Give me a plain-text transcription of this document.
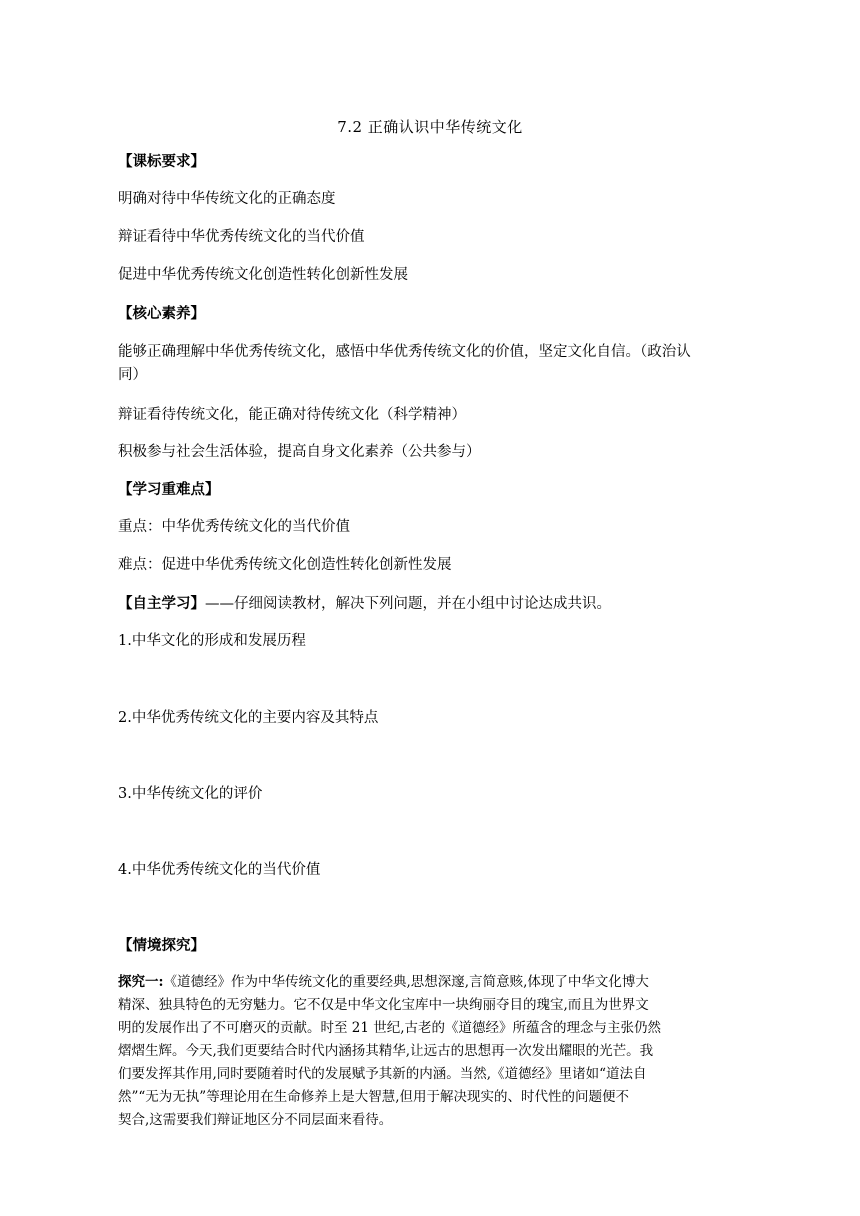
7.2 正确认识中华传统文化
【课标要求】
明确对待中华传统文化的正确态度
辩证看待中华优秀传统文化的当代价值
促进中华优秀传统文化创造性转化创新性发展
【核心素养】
能够正确理解中华优秀传统文化，感悟中华优秀传统文化的价值，坚定文化自信。（政治认
同）
辩证看待传统文化，能正确对待传统文化（科学精神）
积极参与社会生活体验，提高自身文化素养（公共参与）
【学习重难点】
重点：中华优秀传统文化的当代价值
难点：促进中华优秀传统文化创造性转化创新性发展
【自主学习】——仔细阅读教材，解决下列问题，并在小组中讨论达成共识。
1.中华文化的形成和发展历程
2.中华优秀传统文化的主要内容及其特点
3.中华传统文化的评价
4.中华优秀传统文化的当代价值
【情境探究】
探究一:《道德经》作为中华传统文化的重要经典,思想深邃,言简意赅,体现了中华文化博大
精深、独具特色的无穷魅力。它不仅是中华文化宝库中一块绚丽夺目的瑰宝,而且为世界文
明的发展作出了不可磨灭的贡献。时至 21 世纪,古老的《道德经》所蕴含的理念与主张仍然
熠熠生辉。今天,我们更要结合时代内涵扬其精华,让远古的思想再一次发出耀眼的光芒。我
们要发挥其作用,同时要随着时代的发展赋予其新的内涵。当然,《道德经》里诸如“道法自
然”“无为无执”等理论用在生命修养上是大智慧,但用于解决现实的、时代性的问题便不
契合,这需要我们辩证地区分不同层面来看待。
